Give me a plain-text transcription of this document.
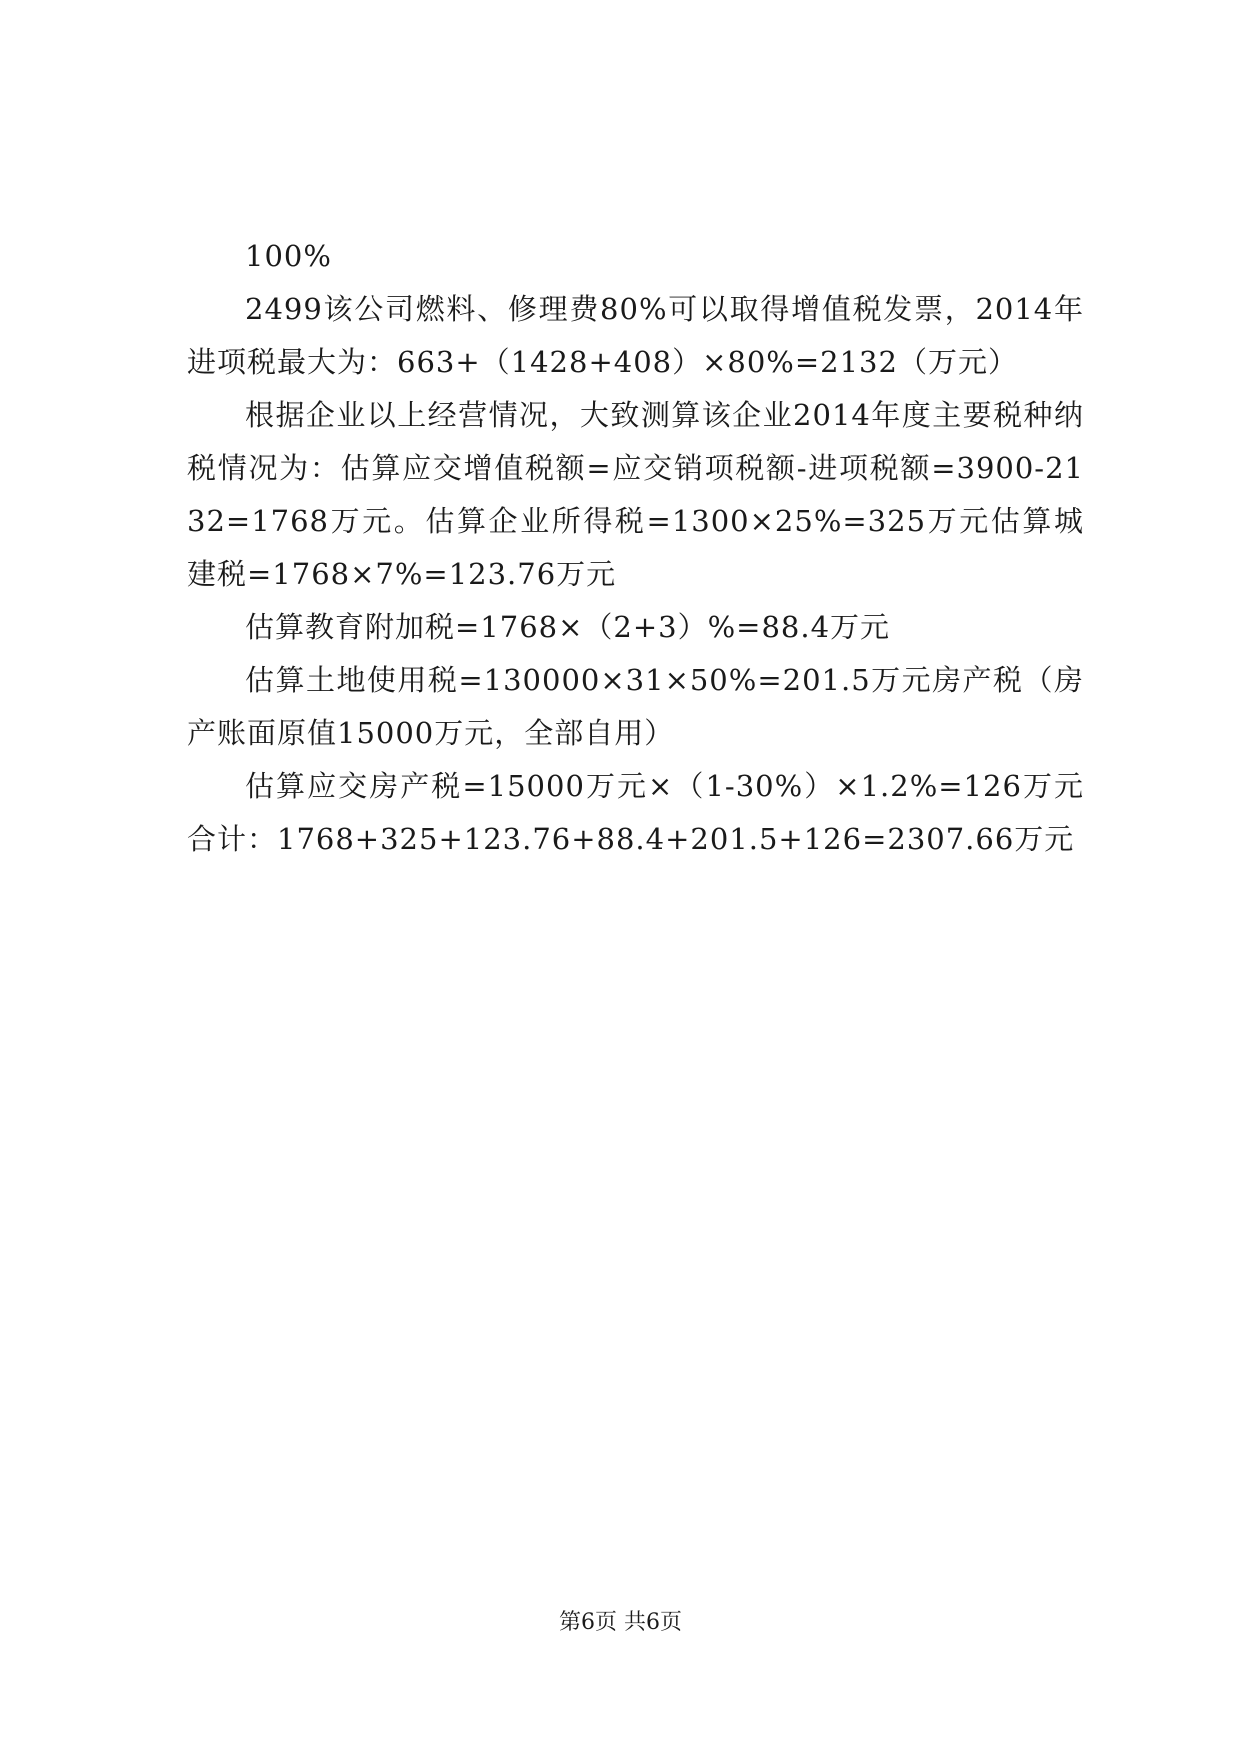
100%

2499该公司燃料、修理费80%可以取得增值税发票，2014年进项税最大为：663+（1428+408）×80%=2132（万元）

根据企业以上经营情况，大致测算该企业2014年度主要税种纳税情况为：估算应交增值税额=应交销项税额-进项税额=3900-2132=1768万元。估算企业所得税=1300×25%=325万元估算城建税=1768×7%=123.76万元

估算教育附加税=1768×（2+3）%=88.4万元

估算土地使用税=130000×31×50%=201.5万元房产税（房产账面原值15000万元，全部自用）

估算应交房产税=15000万元×（1-30%）×1.2%=126万元合计：1768+325+123.76+88.4+201.5+126=2307.66万元

第6页 共6页
